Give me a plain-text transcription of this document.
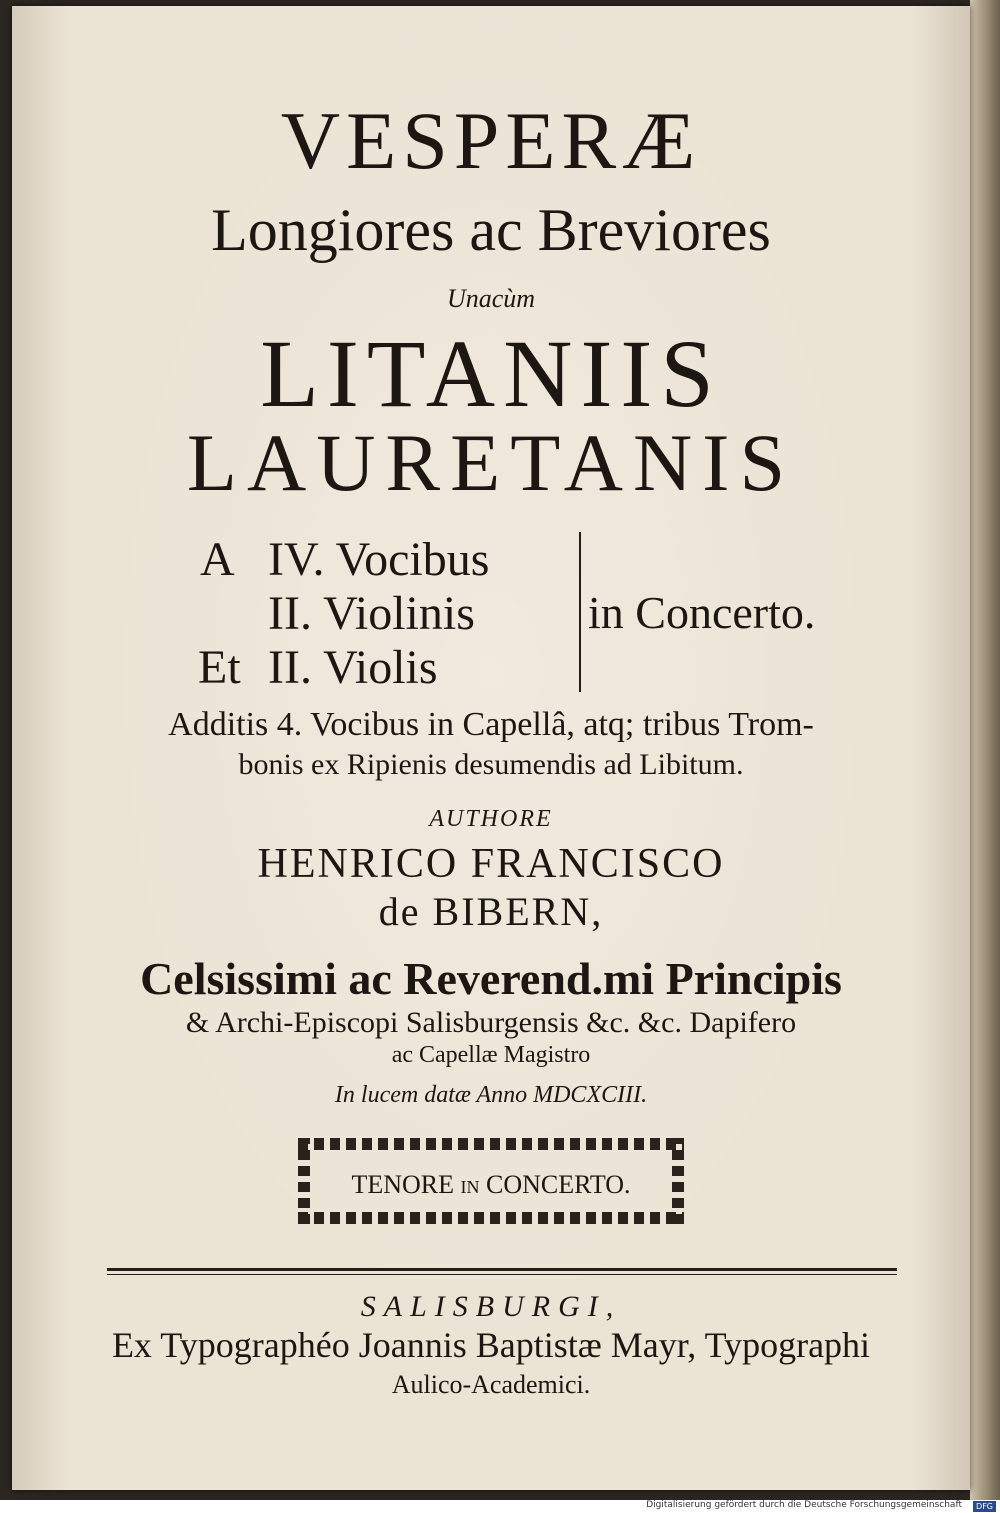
VESPERÆ
Longiores ac Breviores
Unacùm
LITANIIS
LAURETANIS
A IV. Vocibus
II. Violinis
Et II. Violis
in Concerto.
Additis 4. Vocibus in Capellâ, atq; tribus Trom-
bonis ex Ripienis desumendis ad Libitum.
AUTHORE
HENRICO FRANCISCO
de BIBERN,
Celsissimi ac Reverend.mi Principis
& Archi-Episcopi Salisburgensis &c. &c. Dapifero
ac Capellæ Magistro
In lucem datæ Anno MDCXCIII.
TENORE in CONCERTO.
SALISBURGI,
Ex Typographéo Joannis Baptistæ Mayr, Typographi
Aulico-Academici.
Digitalisierung gefördert durch die Deutsche Forschungsgemeinschaft	DFG
